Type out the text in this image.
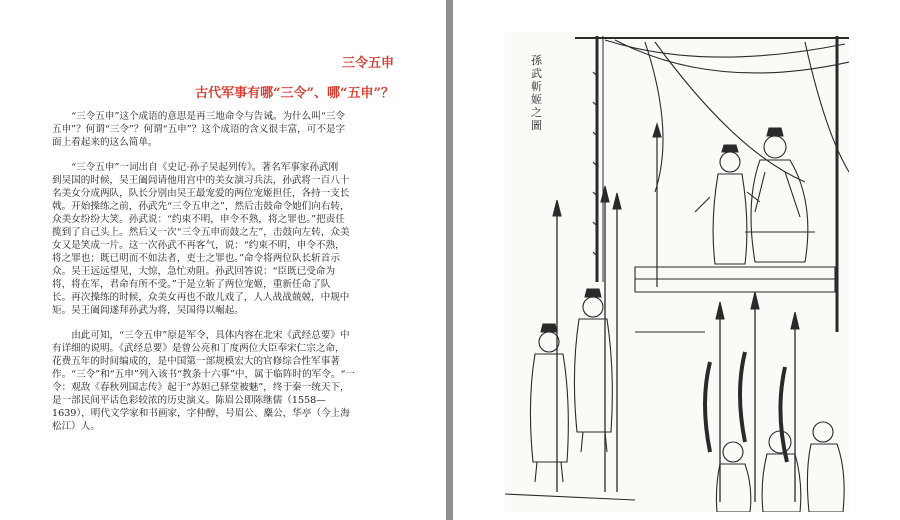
三令五申
古代军事有哪“三令”、哪“五申”？

“三令五申”这个成语的意思是再三地命令与告诫。为什么叫“三令
五申”？何谓“三令”？何谓“五申”？这个成语的含义很丰富，可不是字
面上看起来的这么简单。

“三令五申”一词出自《史记·孙子吴起列传》。著名军事家孙武刚
到吴国的时候，吴王阖闾请他用宫中的美女演习兵法，孙武将一百八十
名美女分成两队，队长分别由吴王最宠爱的两位宠姬担任，各持一支长
戟。开始操练之前，孙武先“三令五申之”，然后击鼓命令她们向右转，
众美女纷纷大笑。孙武说：“约束不明，申令不熟，将之罪也。”把责任
揽到了自己头上。然后又一次“三令五申而鼓之左”，击鼓向左转，众美
女又是笑成一片。这一次孙武不再客气，说：“约束不明，申令不熟，
将之罪也；既已明而不如法者，吏士之罪也。”命令将两位队长斩首示
众。吴王远远望见，大惊，急忙劝阻。孙武回答说：“臣既已受命为
将，将在军，君命有所不受。”于是立斩了两位宠姬，重新任命了队
长。再次操练的时候，众美女再也不敢儿戏了，人人战战兢兢，中规中
矩。吴王阖闾遂拜孙武为将，吴国得以崛起。

由此可知，“三令五申”原是军令，具体内容在北宋《武经总要》中
有详细的说明。《武经总要》是曾公亮和丁度两位大臣奉宋仁宗之命，
花费五年的时间编成的，是中国第一部规模宏大的官修综合性军事著
作。“三令”和“五申”列入该书“教条十六事”中，属于临阵时的军令。“一
令：观敌《春秋列国志传》起于“苏妲己驿堂被魅”，终于秦一统天下，
是一部民间平话色彩较浓的历史演义。陈眉公即陈继儒（1558—
1639），明代文学家和书画家，字仲醇，号眉公、麋公，华亭（今上海
松江）人。

孫武斬姬之圖
